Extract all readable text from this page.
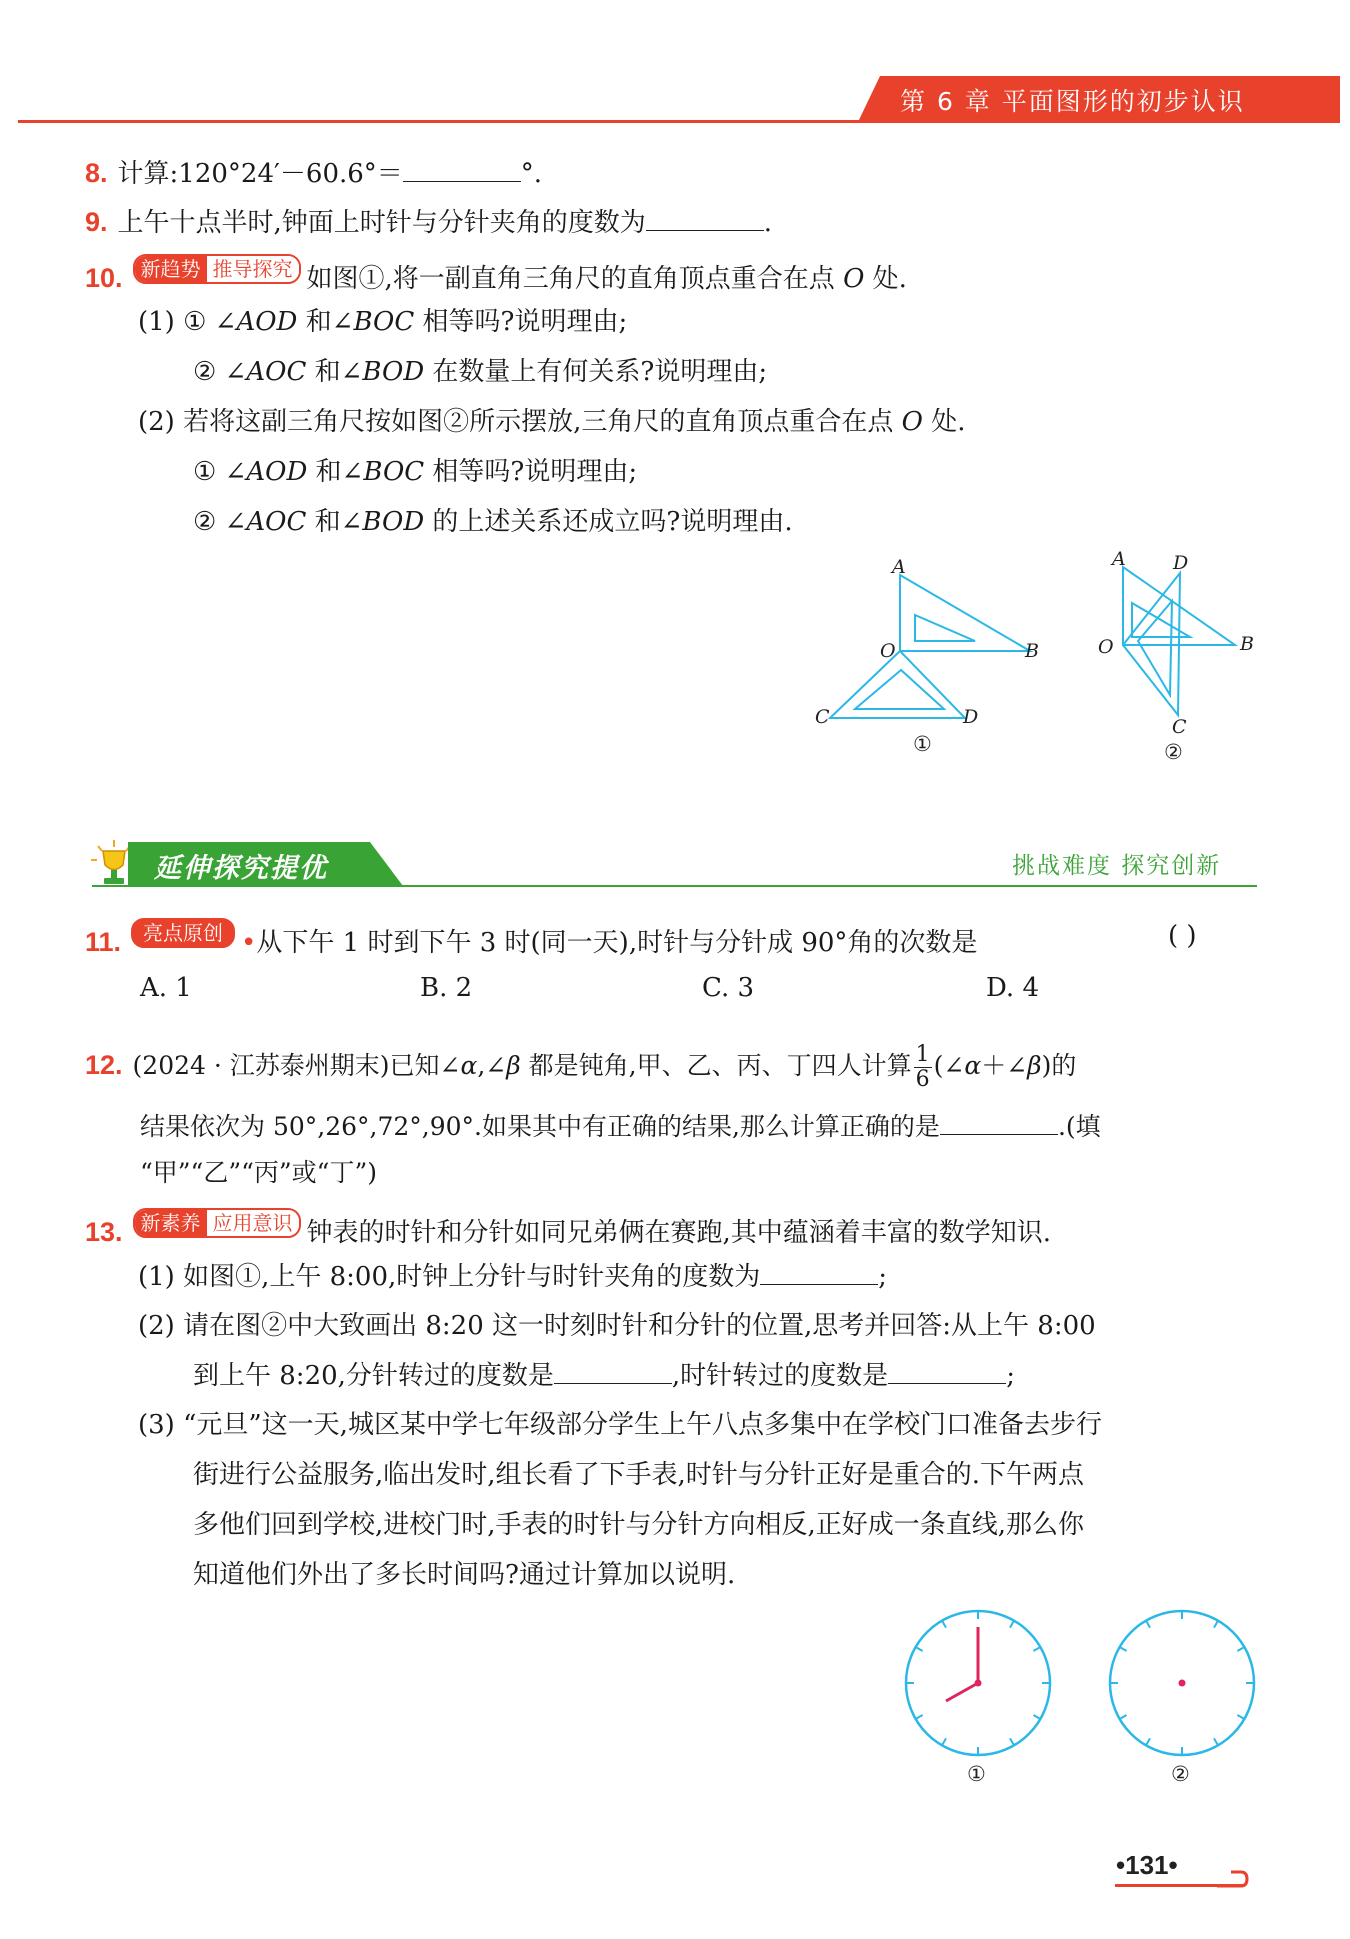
第 6 章 平面图形的初步认识
8. 计算:120°24′－60.6°＝	°.
9. 上午十点半时,钟面上时针与分针夹角的度数为	.
10. 新趋势 推导探究 如图①,将一副直角三角尺的直角顶点重合在点 O 处.
(1) ① ∠AOD 和∠BOC 相等吗?说明理由;
② ∠AOC 和∠BOD 在数量上有何关系?说明理由;
(2) 若将这副三角尺按如图②所示摆放,三角尺的直角顶点重合在点 O 处.
① ∠AOD 和∠BOC 相等吗?说明理由;
② ∠AOC 和∠BOD 的上述关系还成立吗?说明理由.
A
O	B
C	D
①
A D
O	B
C
②
延伸探究提优	挑战难度 探究创新
11. 亮点原创 •从下午 1 时到下午 3 时(同一天),时针与分针成 90°角的次数是	( )
A. 1	B. 2	C. 3	D. 4
12. (2024 · 江苏泰州期末)已知∠α,∠β 都是钝角,甲、乙、丙、丁四人计算 $\frac{1}{6}$ (∠α＋∠β)的
结果依次为 50°,26°,72°,90°.如果其中有正确的结果,那么计算正确的是	.(填
“甲”“乙”“丙”或“丁”)
13. 新素养 应用意识 钟表的时针和分针如同兄弟俩在赛跑,其中蕴涵着丰富的数学知识.
(1) 如图①,上午 8:00,时钟上分针与时针夹角的度数为	;
(2) 请在图②中大致画出 8:20 这一时刻时针和分针的位置,思考并回答:从上午 8:00
到上午 8:20,分针转过的度数是	,时针转过的度数是	;
(3) “元旦”这一天,城区某中学七年级部分学生上午八点多集中在学校门口准备去步行
街进行公益服务,临出发时,组长看了下手表,时针与分针正好是重合的.下午两点
多他们回到学校,进校门时,手表的时针与分针方向相反,正好成一条直线,那么你
知道他们外出了多长时间吗?通过计算加以说明.
①	②
•131•
